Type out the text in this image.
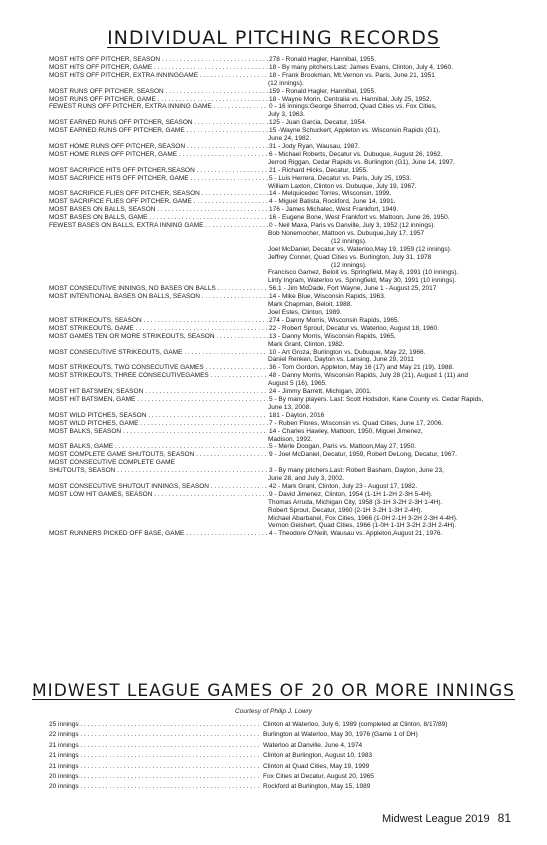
INDIVIDUAL PITCHING RECORDS
MOST HITS OFF PITCHER, SEASON . . .	278 - Ronald Hagler, Hannibal, 1955.
MOST HITS OFF PITCHER, GAME . . .	18 - By many pitchers.Last: James Evans, Clinton, July 4, 1960.
MOST HITS OFF PITCHER, EXTRA INNINGGAME . . .	18 - Frank Brookman, Mt.Vernon vs. Paris, June 21, 1951
(12 innings).
MOST RUNS OFF PITCHER, SEASON . . .	159 - Ronald Hagler, Hannibal, 1955.
MOST RUNS OFF PITCHER, GAME . . .	18 - Wayne Morin, Centralia vs. Hannibal, July 25, 1952.
FEWEST RUNS OFF PITCHER, EXTRA INNING GAME . . .	0 - 16 innings:George Sherrod, Quad Cities vs. Fox Cities,
July 3, 1963.
MOST EARNED RUNS OFF PITCHER, SEASON . . .	125 - Juan Garcia, Decatur, 1954.
MOST EARNED RUNS OFF PITCHER, GAME . . .	15 -Wayne Schuckert, Appleton vs. Wisconsin Rapids (G1),
June 24, 1982.
MOST HOME RUNS OFF PITCHER, SEASON . . .	31 - Jody Ryan, Wausau, 1987.
MOST HOME RUNS OFF PITCHER, GAME . . .	6 - Michael Roberts, Decatur vs. Dubuque, August 26, 1962.
Jerrod Riggan, Cedar Rapids vs. Burlington (G1), June 14, 1997.
MOST SACRIFICE HITS OFF PITCHER,SEASON . . .	21 - Richard Hicks, Decatur, 1955.
MOST SACRIFICE HITS OFF PITCHER, GAME . . .	5 - Luis Herrera, Decatur vs. Paris, July 25, 1953.
William Laxton, Clinton vs. Dubuque, July 19, 1967.
MOST SACRIFICE FLIES OFF PITCHER, SEASON . . .	14 - Melquicedec Torres, Wisconsin, 1999.
MOST SACRIFICE FLIES OFF PITCHER, GAME . . .	4 - Miguel Batista, Rockford, June 14, 1991.
MOST BASES ON BALLS, SEASON . . .	176 - James Michalec, West Frankfort, 1949.
MOST BASES ON BALLS, GAME . . .	16 - Eugene Bone, West Frankfort vs. Mattoon, June 26, 1950.
FEWEST BASES ON BALLS, EXTRA INNING GAME . . .	0 - Neil Maxa, Paris vs Danville, July 3, 1952 (12 innings).
Bob Nonemocher, Mattoon vs. Dubuque,July 17, 1957
(12 innings).
Joel McDaniel, Decatur vs. Waterloo,May 19, 1959 (12 innings).
Jeffrey Conner, Quad Cities vs. Burlington, July 31, 1978
(12 innings).
Francisco Gamez, Beloit vs. Springfield, May 8, 1991 (10 innings).
Linty Ingram, Waterloo vs. Springfield, May 30, 1991 (10 innings).
MOST CONSECUTIVE INNINGS, NO BASES ON BALLS . . .	56.1 - Jim McDade, Fort Wayne, June 1 - August 25, 2017
MOST INTENTIONAL BASES ON BALLS, SEASON . . .	14 - Mike Blue, Wisconsin Rapids, 1963.
Mark Chapman, Beloit, 1988.
Joel Estes, Clinton, 1989.
MOST STRIKEOUTS, SEASON . . .	274 - Danny Morris, Wisconsin Rapids, 1965.
MOST STRIKEOUTS, GAME . . .	22 - Robert Sprout, Decatur vs. Waterloo, August 18, 1960.
MOST GAMES TEN OR MORE STRIKEOUTS, SEASON . . .	13 - Danny Morris, Wisconsin Rapids, 1965,
Mark Grant, Clinton, 1982.
MOST CONSECUTIVE STRIKEOUTS, GAME . . .	10 - Art Groza, Burlington vs. Dubuque, May 22, 1966.
Daniel Renken, Dayton vs. Lansing, June 29, 2011
MOST STRIKEOUTS, TWO CONSECUTIVE GAMES . . .	36 - Tom Gordon, Appleton, May 16 (17) and May 21 (19), 1988.
MOST STRIKEOUTS, THREE CONSECUTIVEGAMES . . .	48 - Danny Morris, Wisconsin Rapids, July 28 (21), August 1 (11) and
August 5 (16), 1965.
MOST HIT BATSMEN, SEASON . . .	24 - Jimmy Barrett, Michigan, 2001.
MOST HIT BATSMEN, GAME . . .	5 - By many players. Last: Scott Hodsdon, Kane County vs. Cedar Rapids,
June 13, 2008.
MOST WILD PITCHES, SEASON . . .	181 - Dayton, 2016
MOST WILD PITCHES, GAME . . .	7 - Ruben Flores, Wisconsin vs. Quad Cities, June 17, 2006.
MOST BALKS, SEASON . . .	14 - Charles Hawley, Mattoon, 1950, Miguel Jimenez,
Madison, 1992.
MOST BALKS, GAME . . .	5 - Merle Doogan, Paris vs. Mattoon,May 27, 1950.
MOST COMPLETE GAME SHUTOUTS, SEASON . . .	9 - Joel McDaniel, Decatur, 1959, Robert DeLong, Decatur, 1967.
MOST CONSECUTIVE COMPLETE GAME
SHUTOUTS, SEASON . . .	3 - By many pitchers.Last: Robert Basham, Dayton, June 23,
June 28, and July 3, 2002.
MOST CONSECUTIVE SHUTOUT INNINGS, SEASON . . .	42 - Mark Grant, Clinton, July 23 - August 17, 1982.
MOST LOW HIT GAMES, SEASON . . .	9 - David Jimenez, Clinton, 1954 (1-1H 1-2H 2-3H 5-4H).
Thomas Arruda, Michigan City, 1958 (3-1H 3-2H 2-3H 1-4H).
Robert Sprout, Decatur, 1960 (2-1H 3-2H 1-3H 2-4H).
Michael Abarbanel, Fox Cities, 1966 (1-0H 2-1H 3-2H 2-3H 4-4H).
Vernon Geishert, Quad Cities, 1966 (1-0H 1-1H 3-2H 2-3H 2-4H).
MOST RUNNERS PICKED OFF BASE, GAME . . .	4 - Theodore O'Neill, Wausau vs. Appleton,August 21, 1976.
MIDWEST LEAGUE GAMES OF 20 OR MORE INNINGS
Courtesy of Philip J. Lowry
25 innings . . .	Clinton at Waterloo, July 6, 1989 (completed at Clinton, 8/17/89)
22 innings . . .	Burlington at Waterloo, May 30, 1976 (Game 1 of DH)
21 innings . . .	Waterloo at Danville, June 4, 1974
21 innings . . .	Clinton at Burlington, August 10, 1983
21 innings . . .	Clinton at Quad Cities, May 19, 1999
20 innings . . .	Fox Cities at Decatur, August 20, 1965
20 innings . . .	Rockford at Burlington, May 15, 1989
Midwest League 2019 81
